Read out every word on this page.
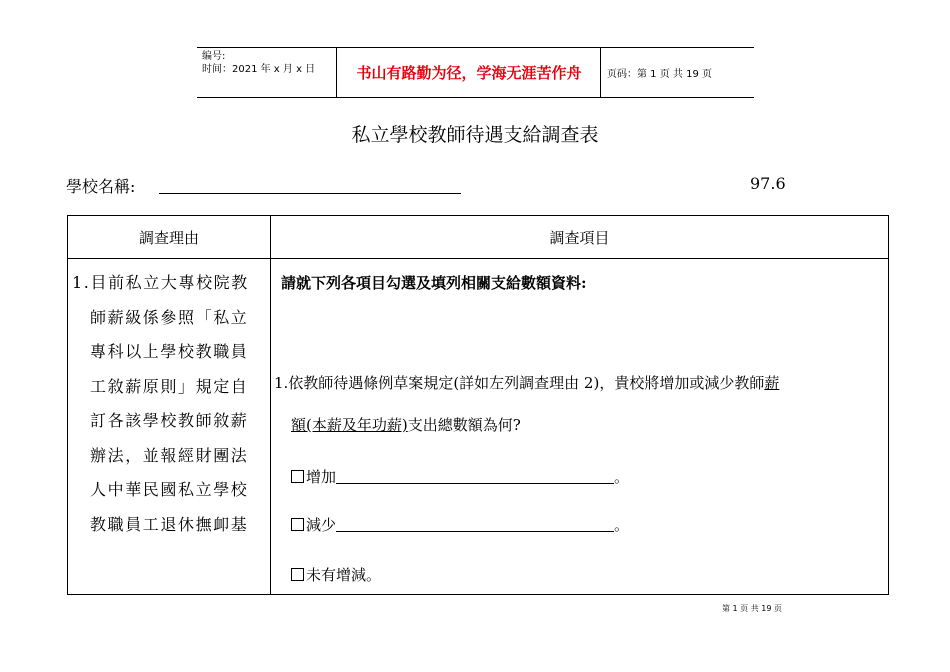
编号:
时间：2021 年 x 月 x 日	书山有路勤为径，学海无涯苦作舟	页码：第 1 页 共 19 页
私立學校教師待遇支給調查表
學校名稱:	97.6
調查理由	調查項目
1.目前私立大專校院教
師薪級係參照「私立
專科以上學校教職員
工敘薪原則」規定自
訂各該學校教師敘薪
辦法，並報經財團法
人中華民國私立學校
教職員工退休撫卹基
請就下列各項目勾選及填列相關支給數額資料:
1.依教師待遇條例草案規定(詳如左列調查理由 2)，貴校將增加或減少教師薪
額(本薪及年功薪)支出總數額為何?
增加	。
減少	。
未有增減。
第 1 页 共 19 页
